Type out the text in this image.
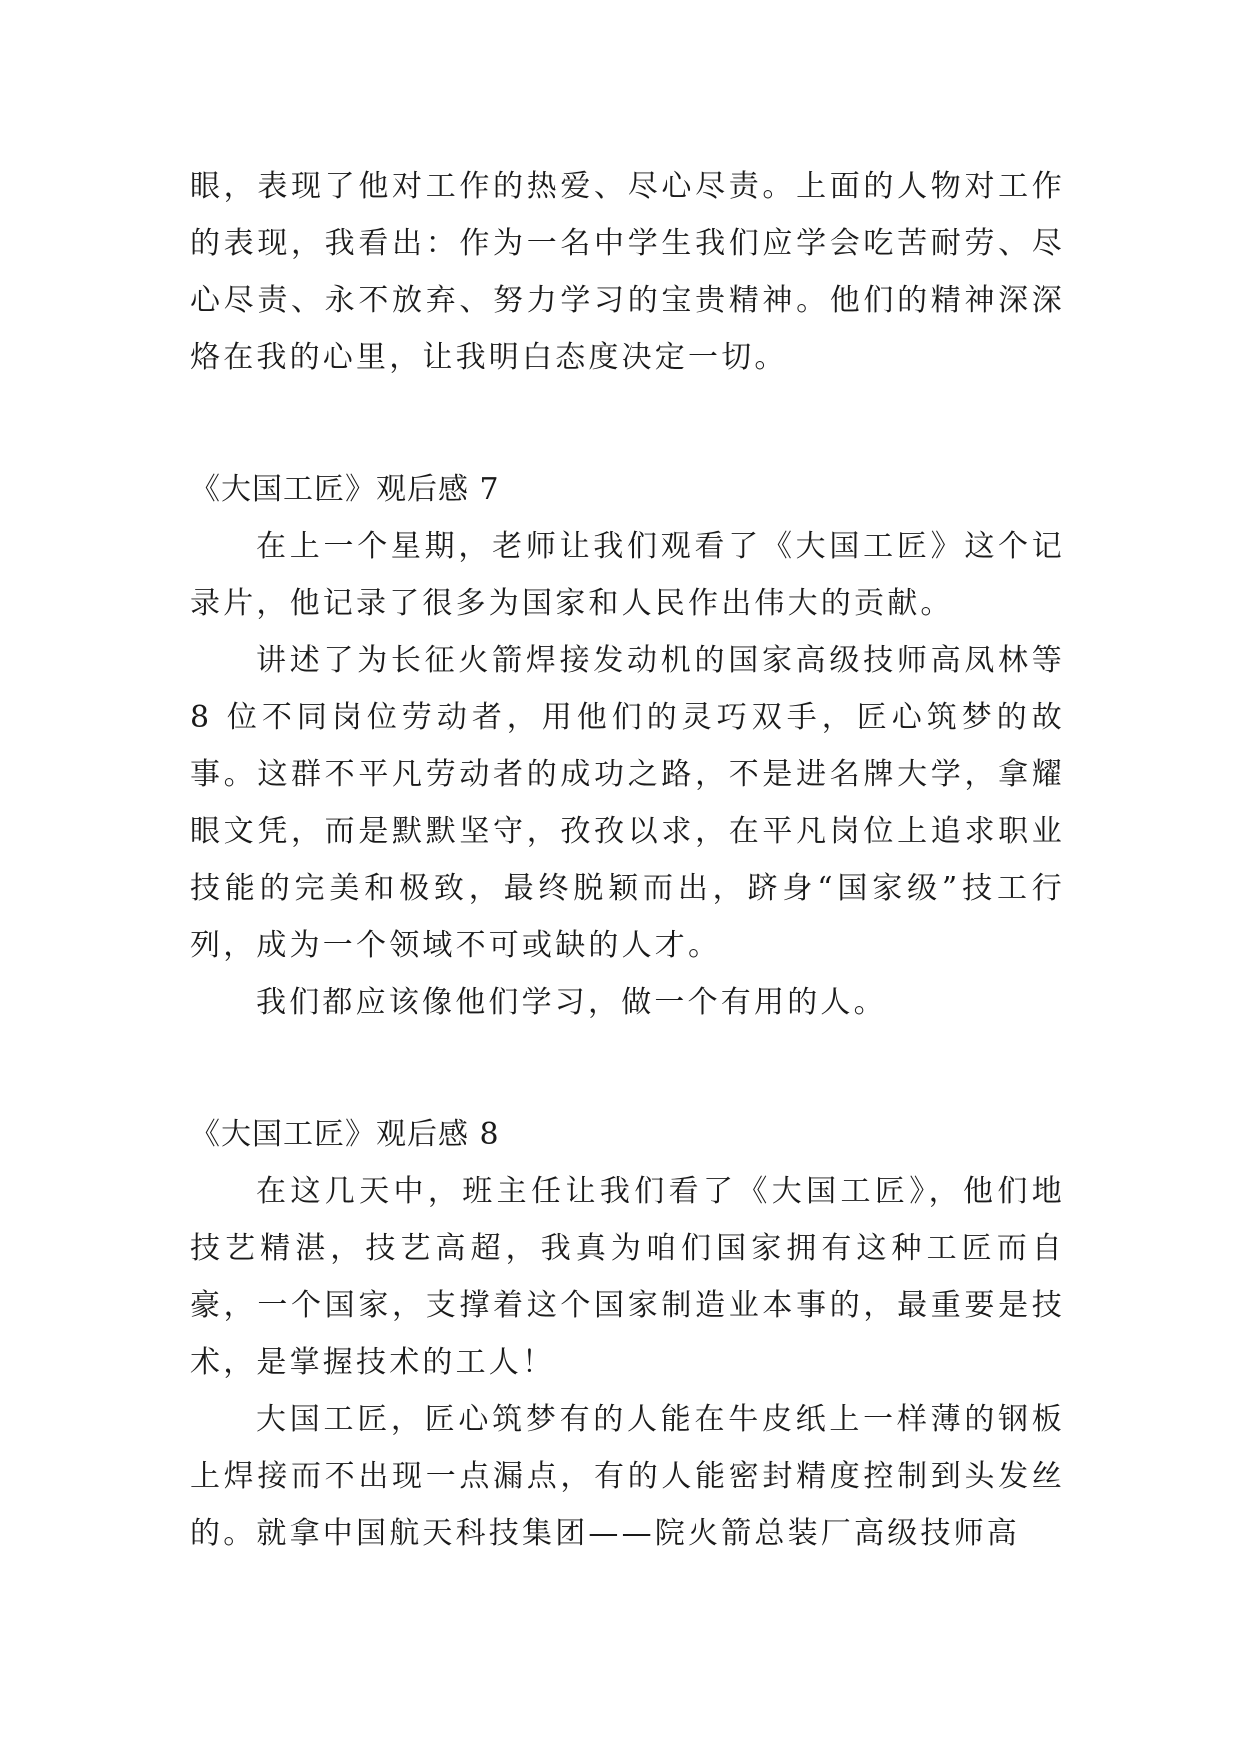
眼，表现了他对工作的热爱、尽心尽责。上面的人物对工作的表现，我看出：作为一名中学生我们应学会吃苦耐劳、尽心尽责、永不放弃、努力学习的宝贵精神。他们的精神深深烙在我的心里，让我明白态度决定一切。

《大国工匠》观后感 7

在上一个星期，老师让我们观看了《大国工匠》这个记录片，他记录了很多为国家和人民作出伟大的贡献。

讲述了为长征火箭焊接发动机的国家高级技师高凤林等 8 位不同岗位劳动者，用他们的灵巧双手，匠心筑梦的故事。这群不平凡劳动者的成功之路，不是进名牌大学，拿耀眼文凭，而是默默坚守，孜孜以求，在平凡岗位上追求职业技能的完美和极致，最终脱颖而出，跻身“国家级”技工行列，成为一个领域不可或缺的人才。

我们都应该像他们学习，做一个有用的人。

《大国工匠》观后感 8

在这几天中，班主任让我们看了《大国工匠》，他们地技艺精湛，技艺高超，我真为咱们国家拥有这种工匠而自豪，一个国家，支撑着这个国家制造业本事的，最重要是技术，是掌握技术的工人！

大国工匠，匠心筑梦有的人能在牛皮纸上一样薄的钢板上焊接而不出现一点漏点，有的人能密封精度控制到头发丝的。就拿中国航天科技集团——院火箭总装厂高级技师高
